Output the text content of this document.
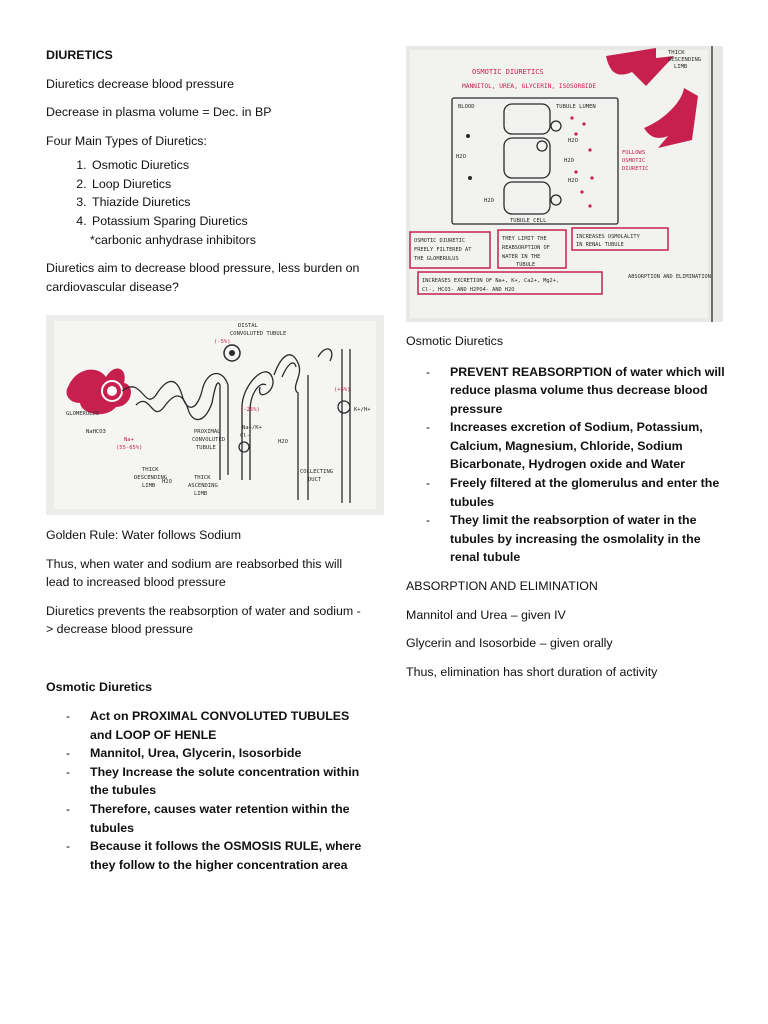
DIURETICS

Diuretics decrease blood pressure

Decrease in plasma volume = Dec. in BP

Four Main Types of Diuretics:

1. Osmotic Diuretics
2. Loop Diuretics
3. Thiazide Diuretics
4. Potassium Sparing Diuretics

*carbonic anhydrase inhibitors

Diuretics aim to decrease blood pressure, less burden on cardiovascular disease?

DISTAL
CONVOLUTED TUBULE
PROXIMAL
CONVOLUTED
TUBULE
GLOMERULUS
NaHCO3
THICK
DESCENDING
LIMB
THICK
ASCENDING
LIMB
COLLECTING
DUCT
H2O
Na+/K+
Cl-
H2O
K+/H+
(-5%)
Na+
(55-65%)
(-25%)
(+5%)

Golden Rule: Water follows Sodium

Thus, when water and sodium are reabsorbed this will lead to increased blood pressure

Diuretics prevents the reabsorption of water and sodium -> decrease blood pressure

Osmotic Diuretics

- Act on PROXIMAL CONVOLUTED TUBULES and LOOP OF HENLE
- Mannitol, Urea, Glycerin, Isosorbide
- They Increase the solute concentration within the tubules
- Therefore, causes water retention within the tubules
- Because it follows the OSMOSIS RULE, where they follow to the higher concentration area
THICK
DESCENDING
LIMB
OSMOTIC DIURETICS
MANNITOL, UREA, GLYCERIN, ISOSORBIDE
BLOOD	TUBULE LUMEN
TUBULE CELL
H2O
H2O
H2O
H2O
H2O
FOLLOWS
OSMOTIC
DIURETIC
OSMOTIC DIURETIC
FREELY FILTERED AT
THE GLOMERULUS
THEY LIMIT THE
REABSORPTION OF
WATER IN THE
TUBULE
INCREASES OSMOLALITY
IN RENAL TUBULE
INCREASES EXCRETION OF Na+, K+, Ca2+, Mg2+,
Cl-, HCO3- AND H2PO4- AND H2O
ABSORPTION AND ELIMINATION

Osmotic Diuretics

- PREVENT REABSORPTION of water which will reduce plasma volume thus decrease blood pressure
- Increases excretion of Sodium, Potassium, Calcium, Magnesium, Chloride, Sodium Bicarbonate, Hydrogen oxide and Water
- Freely filtered at the glomerulus and enter the tubules
- They limit the reabsorption of water in the tubules by increasing the osmolality in the renal tubule

ABSORPTION AND ELIMINATION

Mannitol and Urea – given IV

Glycerin and Isosorbide – given orally

Thus, elimination has short duration of activity
